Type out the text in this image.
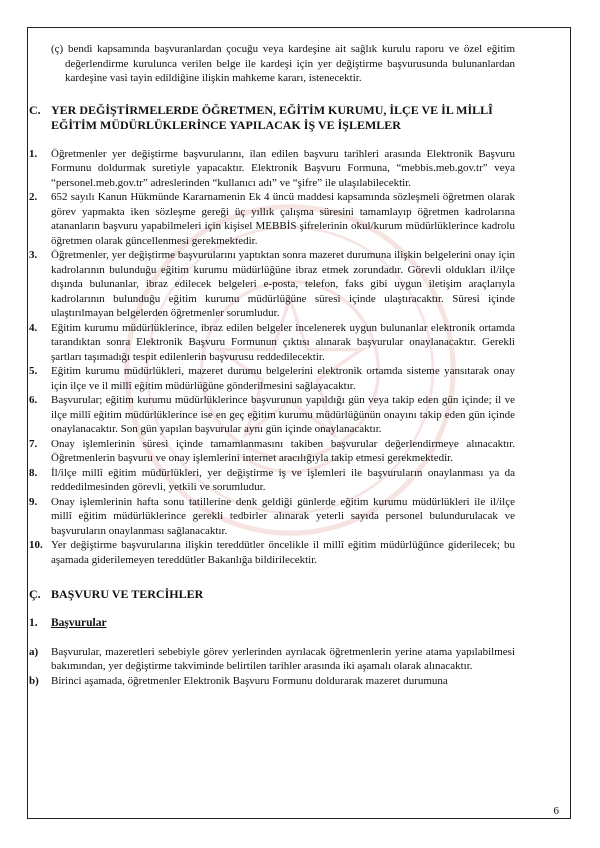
(ç) bendi kapsamında başvuranlardan çocuğu veya kardeşine ait sağlık kurulu raporu ve özel eğitim değerlendirme kurulunca verilen belge ile kardeşi için yer değiştirme başvurusunda bulunanlardan kardeşine vasi tayin edildiğine ilişkin mahkeme kararı, istenecektir.
C. YER DEĞİŞTİRMELERDE ÖĞRETMEN, EĞİTİM KURUMU, İLÇE VE İL MİLLÎ EĞİTİM MÜDÜRLÜKLERİNCE YAPILACAK İŞ VE İŞLEMLER
1. Öğretmenler yer değiştirme başvurularını, ilan edilen başvuru tarihleri arasında Elektronik Başvuru Formunu doldurmak suretiyle yapacaktır. Elektronik Başvuru Formuna, “mebbis.meb.gov.tr” veya “personel.meb.gov.tr” adreslerinden “kullanıcı adı” ve “şifre” ile ulaşılabilecektir.
2. 652 sayılı Kanun Hükmünde Kararnamenin Ek 4 üncü maddesi kapsamında sözleşmeli öğretmen olarak görev yapmakta iken sözleşme gereği üç yıllık çalışma süresini tamamlayıp öğretmen kadrolarına atananların başvuru yapabilmeleri için kişisel MEBBİS şifrelerinin okul/kurum müdürlüklerince kadrolu öğretmen olarak güncellenmesi gerekmektedir.
3. Öğretmenler, yer değiştirme başvurularını yaptıktan sonra mazeret durumuna ilişkin belgelerini onay için kadrolarının bulunduğu eğitim kurumu müdürlüğüne ibraz etmek zorundadır. Görevli oldukları il/ilçe dışında bulunanlar, ibraz edilecek belgeleri e-posta, telefon, faks gibi uygun iletişim araçlarıyla kadrolarının bulunduğu eğitim kurumu müdürlüğüne süresi içinde ulaştıracaktır. Süresi içinde ulaştırılmayan belgelerden öğretmenler sorumludur.
4. Eğitim kurumu müdürlüklerince, ibraz edilen belgeler incelenerek uygun bulunanlar elektronik ortamda tarandıktan sonra Elektronik Başvuru Formunun çıktısı alınarak başvurular onaylanacaktır. Gerekli şartları taşımadığı tespit edilenlerin başvurusu reddedilecektir.
5. Eğitim kurumu müdürlükleri, mazeret durumu belgelerini elektronik ortamda sisteme yansıtarak onay için ilçe ve il millî eğitim müdürlüğüne gönderilmesini sağlayacaktır.
6. Başvurular; eğitim kurumu müdürlüklerince başvurunun yapıldığı gün veya takip eden gün içinde; il ve ilçe millî eğitim müdürlüklerince ise en geç eğitim kurumu müdürlüğünün onayını takip eden gün içinde onaylanacaktır. Son gün yapılan başvurular aynı gün içinde onaylanacaktır.
7. Onay işlemlerinin süresi içinde tamamlanmasını takiben başvurular değerlendirmeye alınacaktır. Öğretmenlerin başvuru ve onay işlemlerini internet aracılığıyla takip etmesi gerekmektedir.
8. İl/ilçe millî eğitim müdürlükleri, yer değiştirme iş ve işlemleri ile başvuruların onaylanması ya da reddedilmesinden görevli, yetkili ve sorumludur.
9. Onay işlemlerinin hafta sonu tatillerine denk geldiği günlerde eğitim kurumu müdürlükleri ile il/ilçe millî eğitim müdürlüklerince gerekli tedbirler alınarak yeterli sayıda personel bulundurulacak ve başvuruların onaylanması sağlanacaktır.
10. Yer değiştirme başvurularına ilişkin tereddütler öncelikle il millî eğitim müdürlüğünce giderilecek; bu aşamada giderilemeyen tereddütler Bakanlığa bildirilecektir.
Ç. BAŞVURU VE TERCİHLER
1. Başvurular
a) Başvurular, mazeretleri sebebiyle görev yerlerinden ayrılacak öğretmenlerin yerine atama yapılabilmesi bakımından, yer değiştirme takviminde belirtilen tarihler arasında iki aşamalı olarak alınacaktır.
b) Birinci aşamada, öğretmenler Elektronik Başvuru Formunu doldurarak mazeret durumuna
6
